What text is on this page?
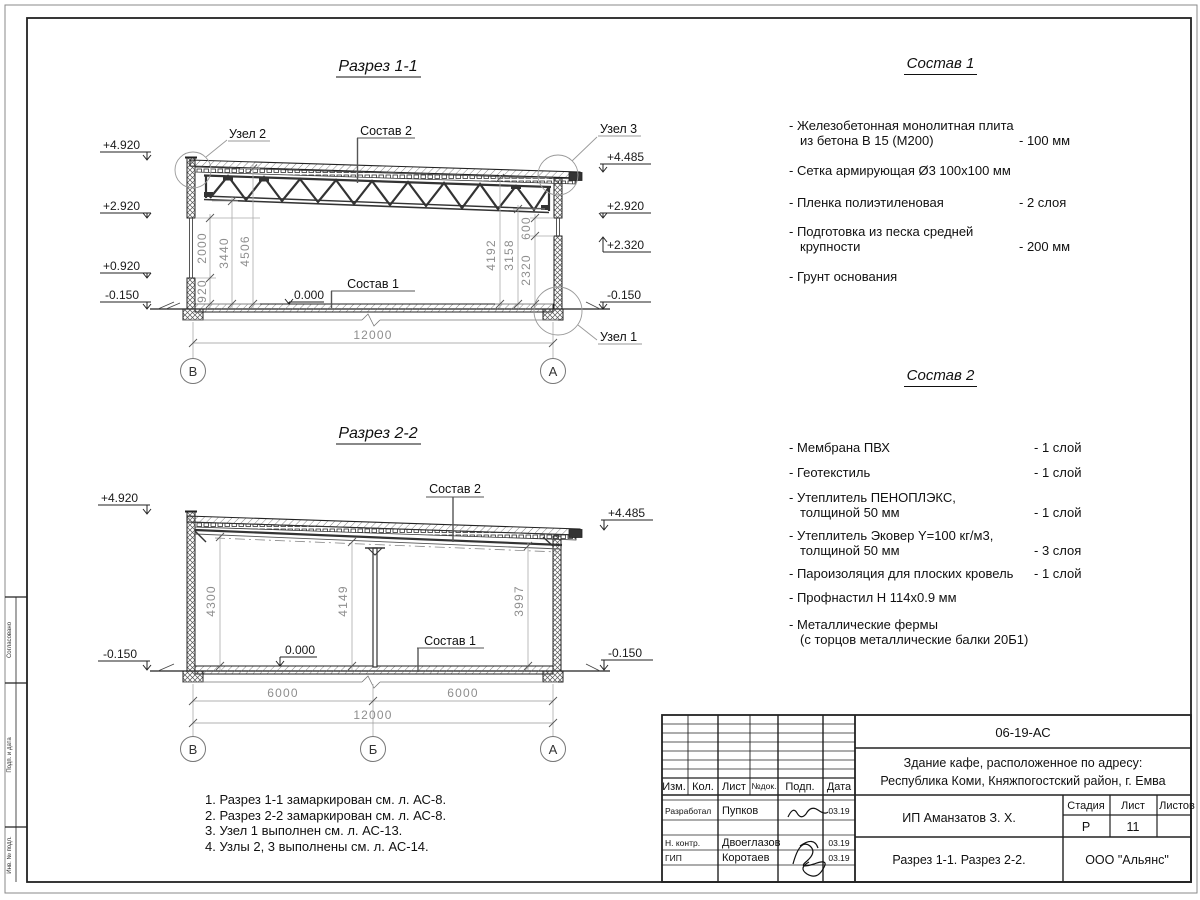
Согласовано
Подп. и дата
Инв. № подл.
Разрез 1-1
Узел 2	Узел 3
Узел 1
Состав 2
Состав 1
0.000
+4.920
+2.920
+0.920
-0.150
+4.485
+2.920
+2.320
-0.150
920
2000 3440 4506	4192 3158 2320
600
12000
В	А
Разрез 2-2
Состав 2
Состав 1
0.000
+4.920
-0.150
+4.485
-0.150
4300	4149	3997
6000	6000
12000
В	Б	А
Изм. Кол. Лист №док. Подп. Дата
Разработал Пупков	03.19
Н. контр. Двоеглазов	03.19
ГИП	Коротаев	03.19
06-19-АС
Здание кафе, расположенное по адресу:
Республика Коми, Княжпогостский район, г. Емва
ИП Аманзатов З. Х.
Разрез 1-1. Разрез 2-2.	ООО "Альянс"
Стадия Лист Листов
Р	11
Состав 1
- Железобетонная монолитная плита
из бетона В 15 (М200)	- 100 мм
- Сетка армирующая Ø3 100x100 мм
- Пленка полиэтиленовая	- 2 слоя
- Подготовка из песка средней
крупности	- 200 мм
- Грунт основания
Состав 2
- Мембрана ПВХ	- 1 слой
- Геотекстиль	- 1 слой
- Утеплитель ПЕНОПЛЭКС,
толщиной 50 мм	- 1 слой
- Утеплитель Эковер Y=100 кг/м3,
толщиной 50 мм	- 3 слоя
- Пароизоляция для плоских кровель	- 1 слой
- Профнастил Н 114x0.9 мм
- Металлические фермы
(с торцов металлические балки 20Б1)
1. Разрез 1-1 замаркирован см. л. АС-8.
2. Разрез 2-2 замаркирован см. л. АС-8.
3. Узел 1 выполнен см. л. АС-13.
4. Узлы 2, 3 выполнены см. л. АС-14.
